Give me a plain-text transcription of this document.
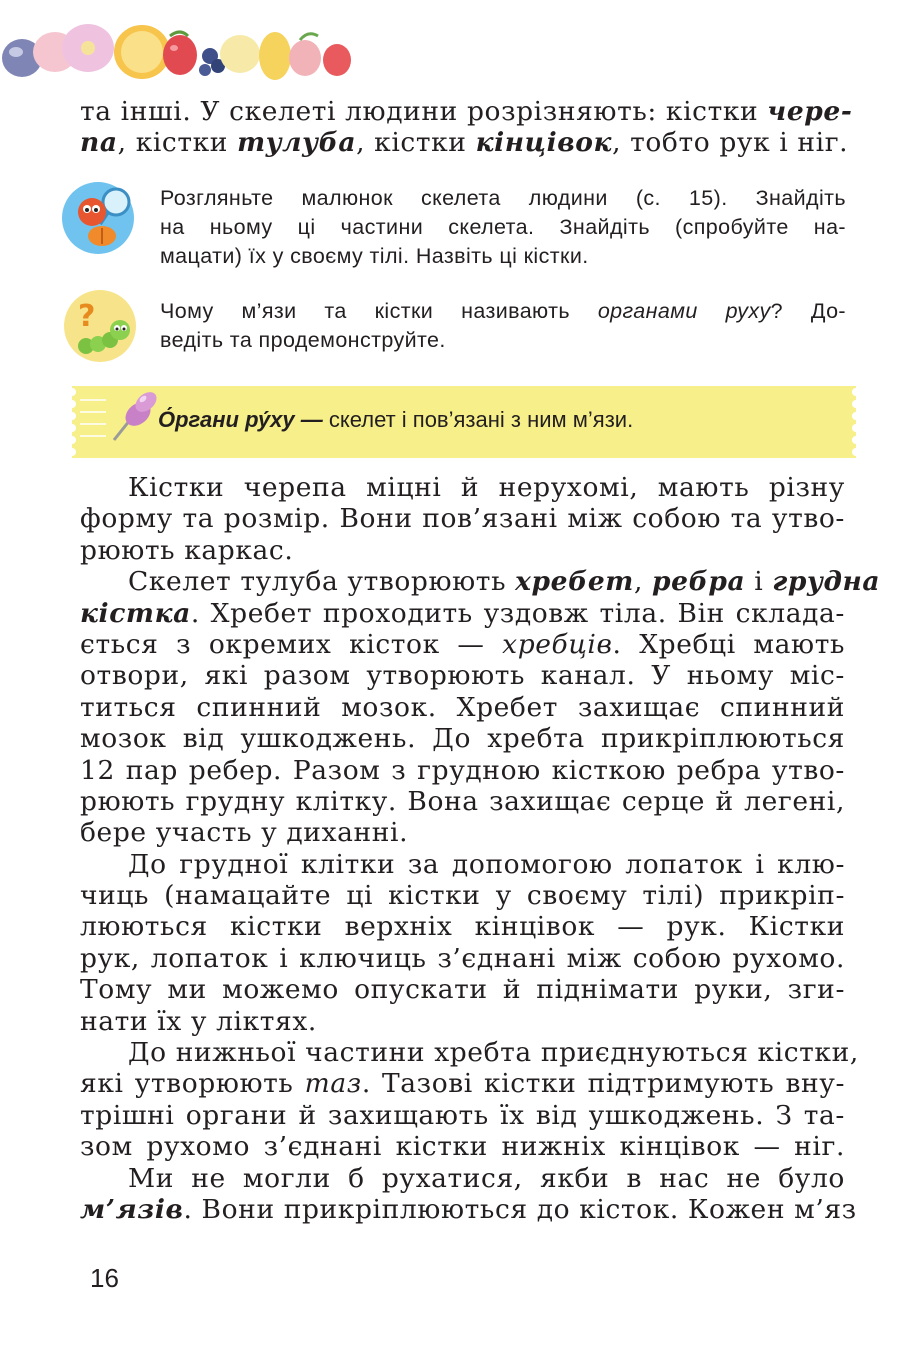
та інші. У скелеті людини розрізняють: кістки чере-
па, кістки тулуба, кістки кінцівок, тобто рук і ніг.
Розгляньте малюнок скелета людини (с. 15). Знайдіть
на ньому ці частини скелета. Знайдіть (спробуйте на-
мацати) їх у своєму тілі. Назвіть ці кістки.
?	Чому м’язи та кістки називають органами руху? До-
ведіть та продемонструйте.
О́ргани ру́ху — скелет і пов’язані з ним м’язи.
Кістки черепа міцні й нерухомі, мають різну
форму та розмір. Вони пов’язані між собою та утво-
рюють каркас.
Скелет тулуба утворюють хребет, ребра і грудна
кістка. Хребет проходить уздовж тіла. Він склада-
ється з окремих кісток — хребців. Хребці мають
отвори, які разом утворюють канал. У ньому міс-
титься спинний мозок. Хребет захищає спинний
мозок від ушкоджень. До хребта прикріплюються
12 пар ребер. Разом з грудною кісткою ребра утво-
рюють грудну клітку. Вона захищає серце й легені,
бере участь у диханні.
До грудної клітки за допомогою лопаток і клю-
чиць (намацайте ці кістки у своєму тілі) прикріп-
люються кістки верхніх кінцівок — рук. Кістки
рук, лопаток і ключиць з’єднані між собою рухомо.
Тому ми можемо опускати й піднімати руки, зги-
нати їх у ліктях.
До нижньої частини хребта приєднуються кістки,
які утворюють таз. Тазові кістки підтримують вну-
трішні органи й захищають їх від ушкоджень. З та-
зом рухомо з’єднані кістки нижніх кінцівок — ніг.
Ми не могли б рухатися, якби в нас не було
м’язів. Вони прикріплюються до кісток. Кожен м’яз
16
